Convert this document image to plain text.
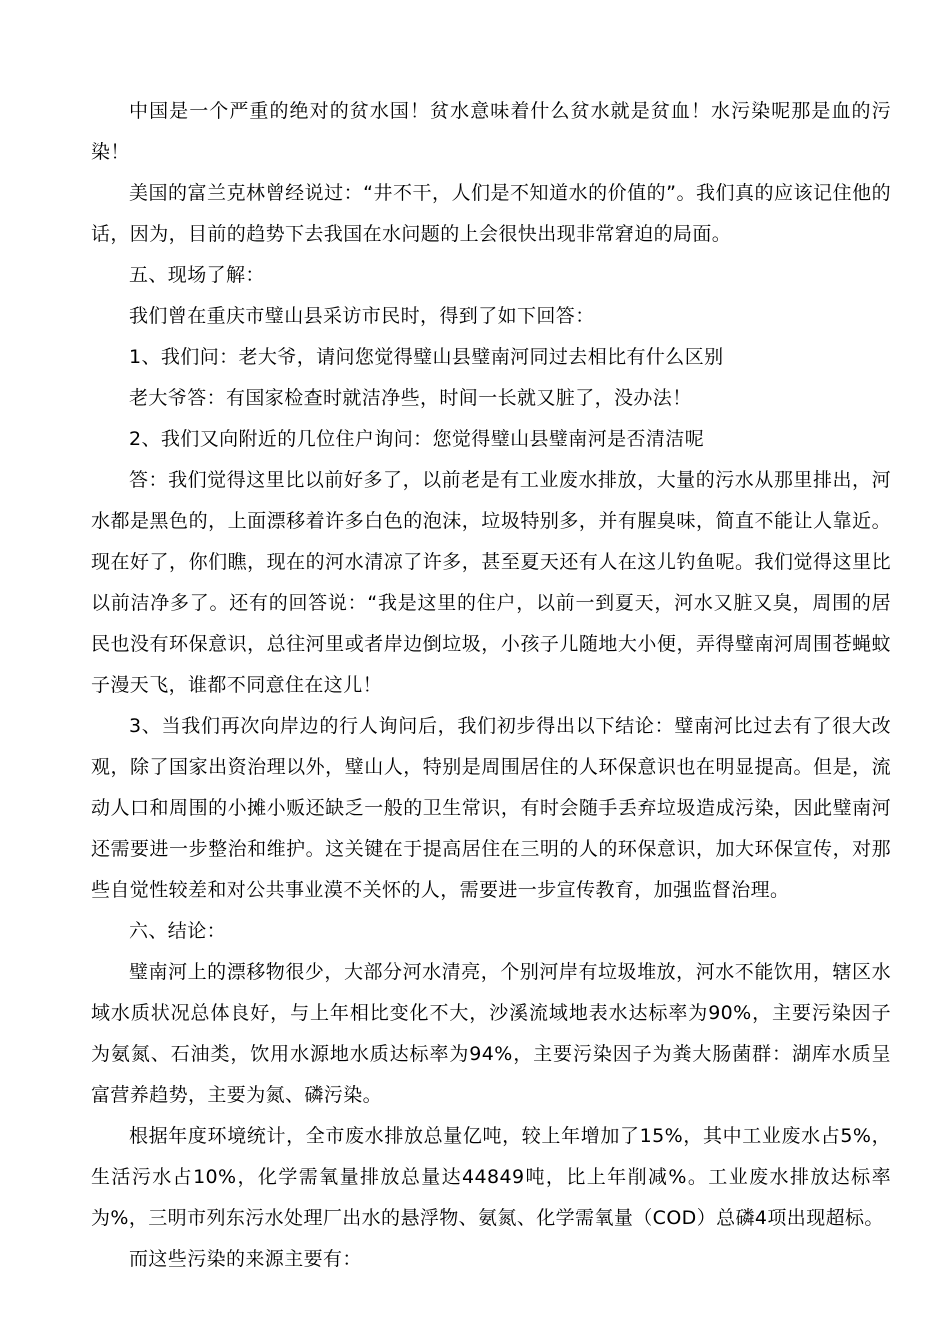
中国是一个严重的绝对的贫水国！贫水意味着什么贫水就是贫血！水污染呢那是血的污染！

美国的富兰克林曾经说过：“井不干，人们是不知道水的价值的”。我们真的应该记住他的话，因为，目前的趋势下去我国在水问题的上会很快出现非常窘迫的局面。

五、现场了解：

我们曾在重庆市璧山县采访市民时，得到了如下回答：

1、我们问：老大爷，请问您觉得璧山县璧南河同过去相比有什么区别

老大爷答：有国家检查时就洁净些，时间一长就又脏了，没办法！

2、我们又向附近的几位住户询问：您觉得璧山县璧南河是否清洁呢

答：我们觉得这里比以前好多了，以前老是有工业废水排放，大量的污水从那里排出，河水都是黑色的，上面漂移着许多白色的泡沫，垃圾特别多，并有腥臭味，简直不能让人靠近。现在好了，你们瞧，现在的河水清凉了许多，甚至夏天还有人在这儿钓鱼呢。我们觉得这里比以前洁净多了。还有的回答说：“我是这里的住户，以前一到夏天，河水又脏又臭，周围的居民也没有环保意识，总往河里或者岸边倒垃圾，小孩子儿随地大小便，弄得璧南河周围苍蝇蚊子漫天飞，谁都不同意住在这儿！

3、当我们再次向岸边的行人询问后，我们初步得出以下结论：璧南河比过去有了很大改观，除了国家出资治理以外，璧山人，特别是周围居住的人环保意识也在明显提高。但是，流动人口和周围的小摊小贩还缺乏一般的卫生常识，有时会随手丢弃垃圾造成污染，因此璧南河还需要进一步整治和维护。这关键在于提高居住在三明的人的环保意识，加大环保宣传，对那些自觉性较差和对公共事业漠不关怀的人，需要进一步宣传教育，加强监督治理。

六、结论：

璧南河上的漂移物很少，大部分河水清亮，个别河岸有垃圾堆放，河水不能饮用，辖区水域水质状况总体良好，与上年相比变化不大，沙溪流域地表水达标率为90%，主要污染因子为氨氮、石油类，饮用水源地水质达标率为94%，主要污染因子为粪大肠菌群：湖库水质呈富营养趋势，主要为氮、磷污染。

根据年度环境统计，全市废水排放总量亿吨，较上年增加了15%，其中工业废水占5%，生活污水占10%，化学需氧量排放总量达44849吨，比上年削减%。工业废水排放达标率为%，三明市列东污水处理厂出水的悬浮物、氨氮、化学需氧量（COD）总磷4项出现超标。

而这些污染的来源主要有：
